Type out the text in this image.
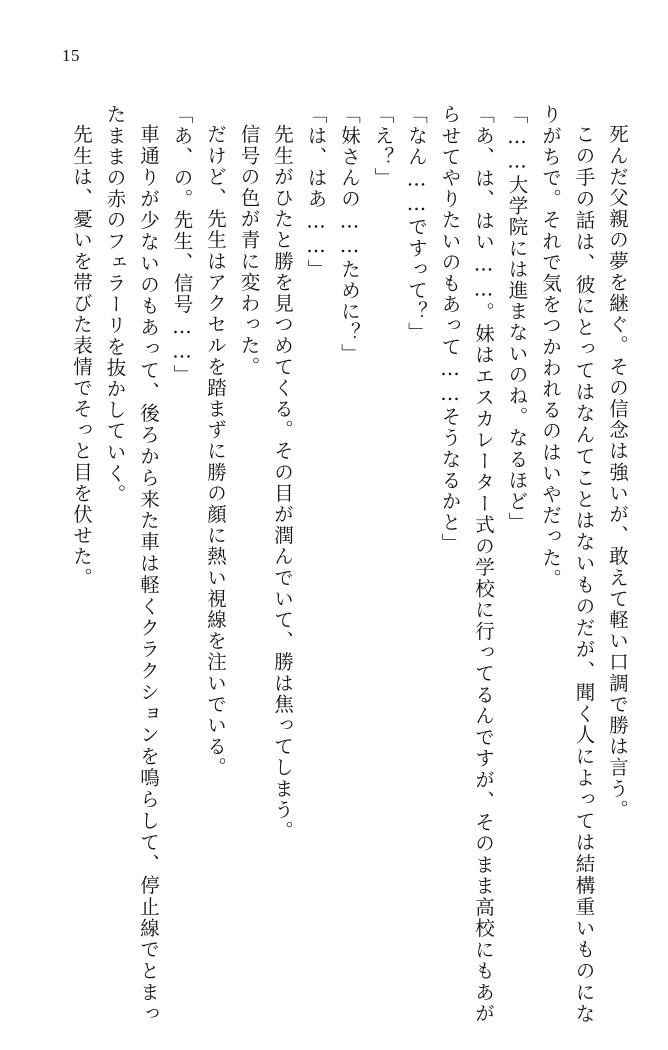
15

死んだ父親の夢を継ぐ。その信念は強いが、敢えて軽い口調で勝は言う。

この手の話は、彼にとってはなんてことはないものだが、聞く人によっては結構重いものになりがちで。それで気をつかわれるのはいやだった。

「……大学院には進まないのね。なるほど」

「あ、は、はい……。妹はエスカレーター式の学校に行ってるんですが、そのまま高校にもあがらせてやりたいのもあって……そうなるかと」

「なん……ですって？」

「え？」

「妹さんの……ために？」

「は、はあ……」

先生がひたと勝を見つめてくる。その目が潤んでいて、勝は焦ってしまう。

信号の色が青に変わった。

だけど、先生はアクセルを踏まずに勝の顔に熱い視線を注いでいる。

「あ、の。先生、信号……」

車通りが少ないのもあって、後ろから来た車は軽くクラクションを鳴らして、停止線でとまったままの赤のフェラーリを抜かしていく。

先生は、憂いを帯びた表情でそっと目を伏せた。
